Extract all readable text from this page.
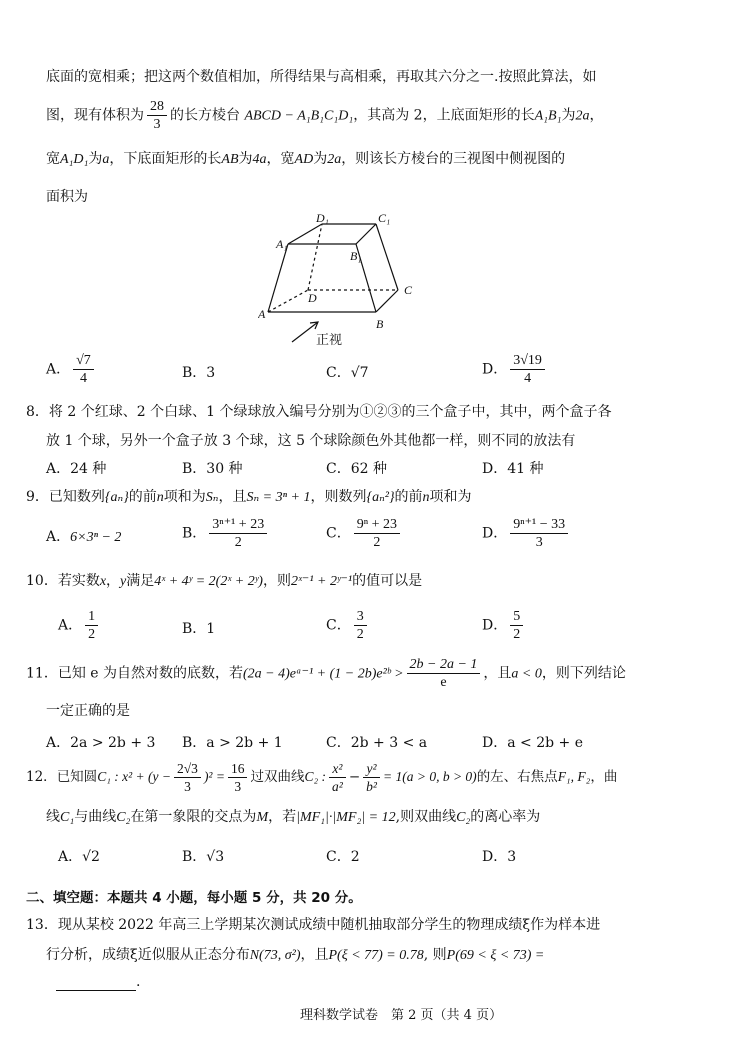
底面的宽相乘；把这两个数值相加，所得结果与高相乘，再取其六分之一.按照此算法，如
图，现有体积为 $\frac{28}{3}$ 的长方棱台 ABCD − A₁B₁C₁D₁，其高为 2，上底面矩形的长A₁B₁为2a，
宽A₁D₁为a，下底面矩形的长AB为4a，宽AD为2a，则该长方棱台的三视图中侧视图的
面积为
A
B
C
D
A₁
B₁
C₁
D₁
正视
A． $\frac{√7}{4}$	B．3	C．√7	D． $\frac{3√19}{4}$
8．将 2 个红球、2 个白球、1 个绿球放入编号分别为①②③的三个盒子中，其中，两个盒子各
放 1 个球，另外一个盒子放 3 个球，这 5 个球除颜色外其他都一样，则不同的放法有
A．24 种	B．30 种	C．62 种	D．41 种
9．已知数列{aₙ}的前n项和为Sₙ，且Sₙ = 3ⁿ + 1，则数列{aₙ²}的前n项和为
A．6×3ⁿ − 2	B． $\frac{\text{3ⁿ⁺¹ + 23}}{2}$	C． $\frac{\text{9ⁿ + 23}}{2}$	D． $\frac{\text{9ⁿ⁺¹ − 33}}{3}$
10．若实数x，y满足4ˣ + 4ʸ = 2(2ˣ + 2ʸ)，则2ˣ⁻¹ + 2ʸ⁻¹的值可以是
A． $\frac{1}{2}$	B．1	C． $\frac{3}{2}$	D． $\frac{5}{2}$
11．已知 e 为自然对数的底数，若(2a − 4)eᵃ⁻¹ + (1 − 2b)e²ᵇ > $\frac{2b - 2a - 1}{e}$ ，且a < 0，则下列结论
一定正确的是
A．2a > 2b + 3 B．a > 2b + 1	C．2b + 3 < a	D．a < 2b + e
12．已知圆C₁ : $x^2 + (y - \frac{2√3}{3} )^2 = \frac{16}{3}$ 过双曲线C₂ : $\frac{\text{x²}}{\text{a²}} - \frac{\text{y²}}{\text{b²}} = 1(a > 0$, b > 0)的左、右焦点F₁, F₂，曲
线C₁与曲线C₂在第一象限的交点为M，若|MF₁|·|MF₂| = 12,则双曲线C₂的离心率为
A．√2	B．√3	C．2	D．3
二、填空题：本题共 4 小题，每小题 5 分，共 20 分。
13．现从某校 2022 年高三上学期某次测试成绩中随机抽取部分学生的物理成绩ξ作为样本进
行分析，成绩ξ近似服从正态分布N(73, σ²)，且P(ξ < 77) = 0.78, 则P(69 < ξ < 73) =
.
理科数学试卷　第 2 页（共 4 页）
